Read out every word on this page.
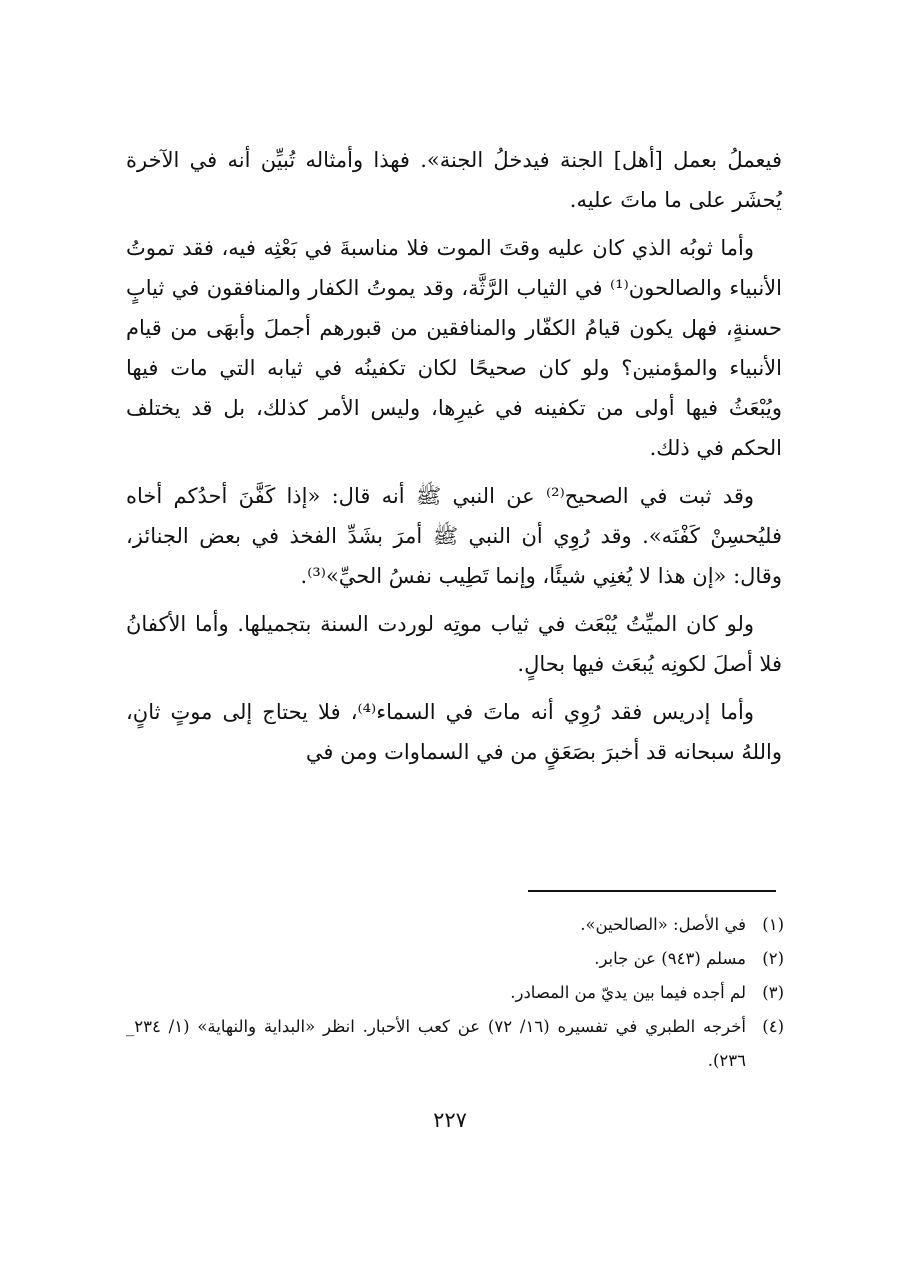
فيعملُ بعمل [أهل] الجنة فيدخلُ الجنة». فهذا وأمثاله تُبيِّن أنه في الآخرة يُحشَر على ما ماتَ عليه.

وأما ثوبُه الذي كان عليه وقتَ الموت فلا مناسبةَ في بَعْثِه فيه، فقد تموتُ الأنبياء والصالحون⁽¹⁾ في الثياب الرَّثَّة، وقد يموتُ الكفار والمنافقون في ثيابٍ حسنةٍ، فهل يكون قيامُ الكفّار والمنافقين من قبورهم أجملَ وأبهَى من قيام الأنبياء والمؤمنين؟ ولو كان صحيحًا لكان تكفينُه في ثيابه التي مات فيها ويُبْعَثُ فيها أولى من تكفينه في غيرِها، وليس الأمر كذلك، بل قد يختلف الحكم في ذلك.

وقد ثبت في الصحيح⁽²⁾ عن النبي ﷺ أنه قال: «إذا كَفَّنَ أحدُكم أخاه فليُحسِنْ كَفْنَه». وقد رُوِي أن النبي ﷺ أمرَ بشَدِّ الفخذ في بعض الجنائز، وقال: «إن هذا لا يُغنِي شيئًا، وإنما تَطِيب نفسُ الحيِّ»⁽³⁾.

ولو كان الميِّتُ يُبْعَث في ثياب موتِه لوردت السنة بتجميلها. وأما الأكفانُ فلا أصلَ لكونِه يُبعَث فيها بحالٍ.

وأما إدريس فقد رُوِي أنه ماتَ في السماء⁽⁴⁾، فلا يحتاج إلى موتٍ ثانٍ، واللهُ سبحانه قد أخبرَ بصَعَقٍ من في السماوات ومن في

(١)
في الأصل: «الصالحين».
(٢)
مسلم (٩٤٣) عن جابر.
(٣)
لم أجده فيما بين يديّ من المصادر.
(٤)
أخرجه الطبري في تفسيره (١٦/ ٧٢) عن كعب الأحبار. انظر «البداية والنهاية» (١/ ٢٣٤_ ٢٣٦).
٢٢٧
